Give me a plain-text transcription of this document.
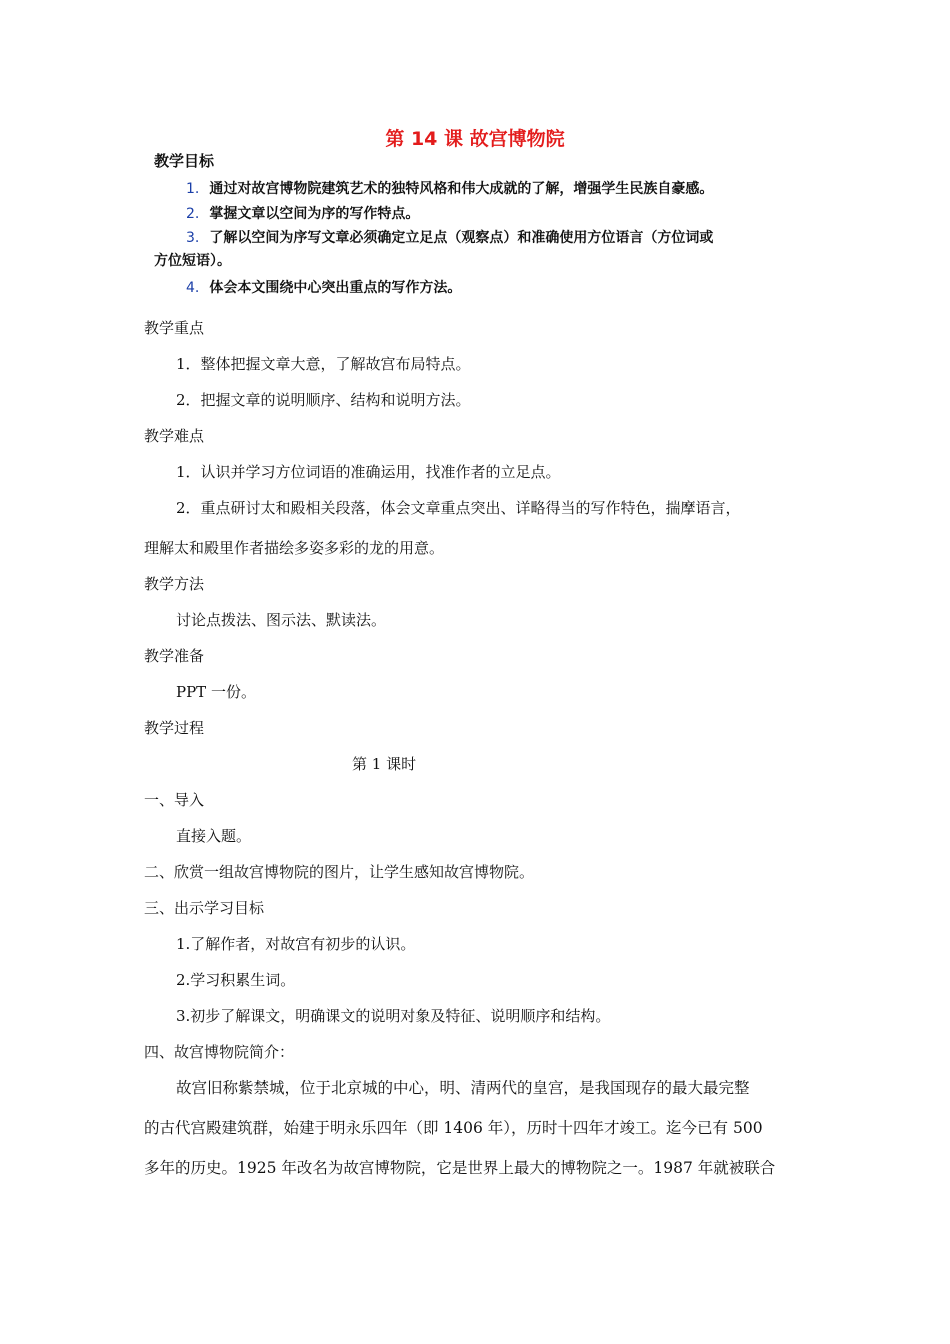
第 14 课 故宫博物院
教学目标
1. 通过对故宫博物院建筑艺术的独特风格和伟大成就的了解，增强学生民族自豪感。
2. 掌握文章以空间为序的写作特点。
3. 了解以空间为序写文章必须确定立足点（观察点）和准确使用方位语言（方位词或
方位短语）。
4. 体会本文围绕中心突出重点的写作方法。
教学重点
1．整体把握文章大意，了解故宫布局特点。
2．把握文章的说明顺序、结构和说明方法。
教学难点
1．认识并学习方位词语的准确运用，找准作者的立足点。
2．重点研讨太和殿相关段落，体会文章重点突出、详略得当的写作特色，揣摩语言，
理解太和殿里作者描绘多姿多彩的龙的用意。
教学方法
讨论点拨法、图示法、默读法。
教学准备
PPT 一份。
教学过程
第 1 课时
一、导入
直接入题。
二、欣赏一组故宫博物院的图片，让学生感知故宫博物院。
三、出示学习目标
1.了解作者，对故宫有初步的认识。
2.学习积累生词。
3.初步了解课文，明确课文的说明对象及特征、说明顺序和结构。
四、故宫博物院简介：
故宫旧称紫禁城，位于北京城的中心，明、清两代的皇宫，是我国现存的最大最完整
的古代宫殿建筑群，始建于明永乐四年（即 1406 年），历时十四年才竣工。迄今已有 500
多年的历史。1925 年改名为故宫博物院，它是世界上最大的博物院之一。1987 年就被联合
